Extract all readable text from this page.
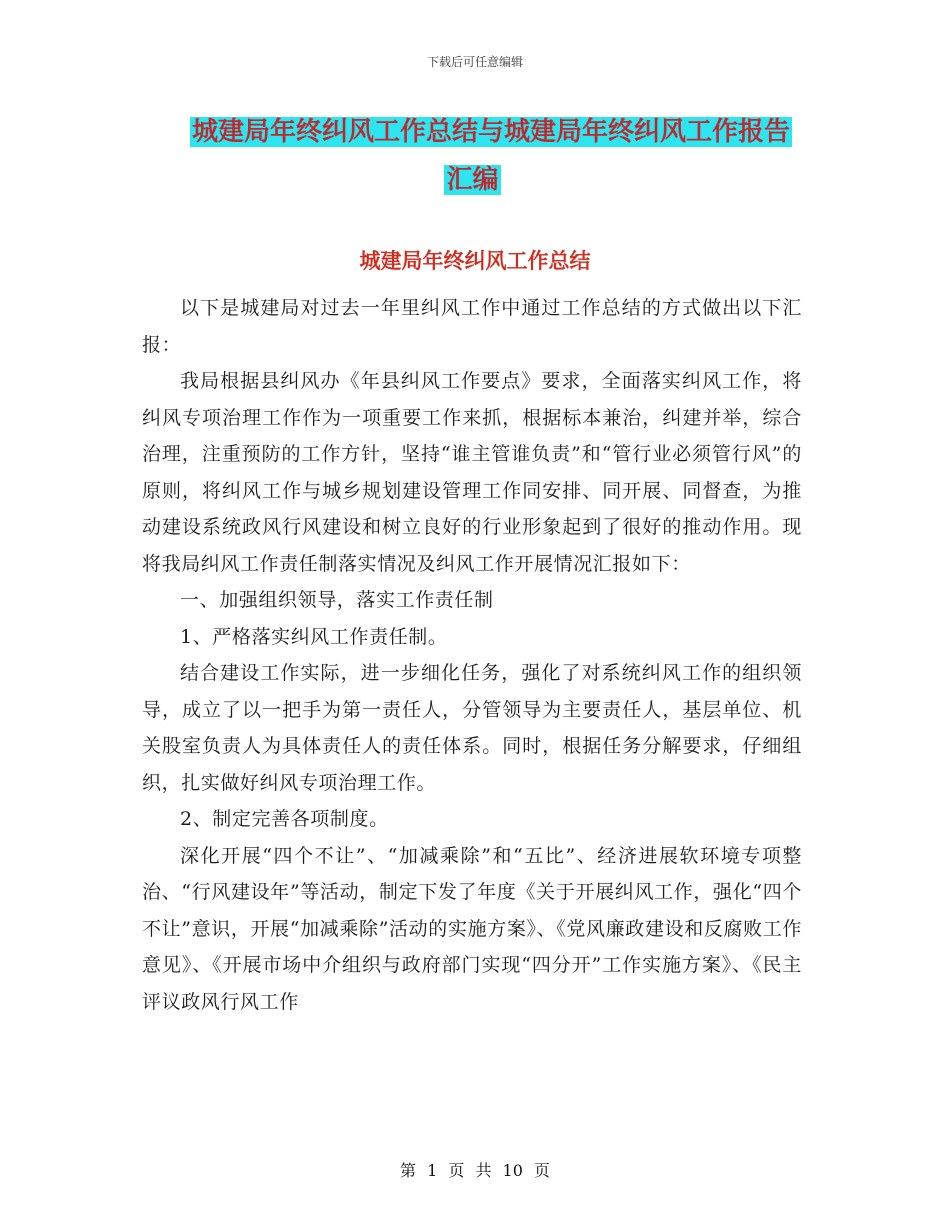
下载后可任意编辑
城建局年终纠风工作总结与城建局年终纠风工作报告
汇编
城建局年终纠风工作总结

以下是城建局对过去一年里纠风工作中通过工作总结的方式做出以下汇报：

我局根据县纠风办《年县纠风工作要点》要求，全面落实纠风工作，将纠风专项治理工作作为一项重要工作来抓，根据标本兼治，纠建并举，综合治理，注重预防的工作方针，坚持“谁主管谁负责”和“管行业必须管行风”的原则，将纠风工作与城乡规划建设管理工作同安排、同开展、同督查，为推动建设系统政风行风建设和树立良好的行业形象起到了很好的推动作用。现将我局纠风工作责任制落实情况及纠风工作开展情况汇报如下：

一、加强组织领导，落实工作责任制

1、严格落实纠风工作责任制。

结合建设工作实际，进一步细化任务，强化了对系统纠风工作的组织领导，成立了以一把手为第一责任人，分管领导为主要责任人，基层单位、机关股室负责人为具体责任人的责任体系。同时，根据任务分解要求，仔细组织，扎实做好纠风专项治理工作。

2、制定完善各项制度。

深化开展“四个不让”、“加减乘除”和“五比”、经济进展软环境专项整治、“行风建设年”等活动，制定下发了年度《关于开展纠风工作，强化“四个不让”意识，开展“加减乘除”活动的实施方案》、《党风廉政建设和反腐败工作意见》、《开展市场中介组织与政府部门实现“四分开”工作实施方案》、《民主评议政风行风工作

第 1 页 共 10 页
